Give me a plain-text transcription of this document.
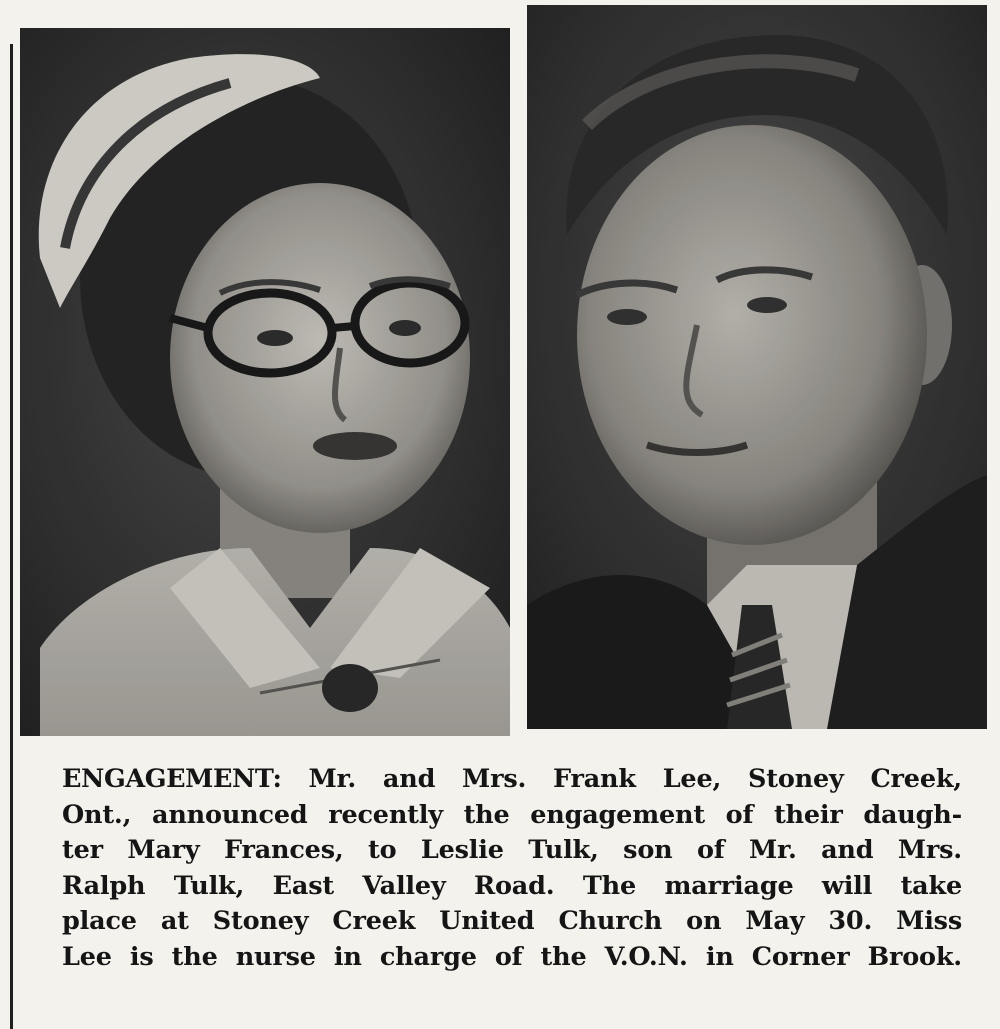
ENGAGEMENT: Mr. and Mrs. Frank Lee, Stoney Creek,
Ont., announced recently the engagement of their daugh-
ter Mary Frances, to Leslie Tulk, son of Mr. and Mrs.
Ralph Tulk, East Valley Road. The marriage will take
place at Stoney Creek United Church on May 30. Miss
Lee is the nurse in charge of the V.O.N. in Corner Brook.
